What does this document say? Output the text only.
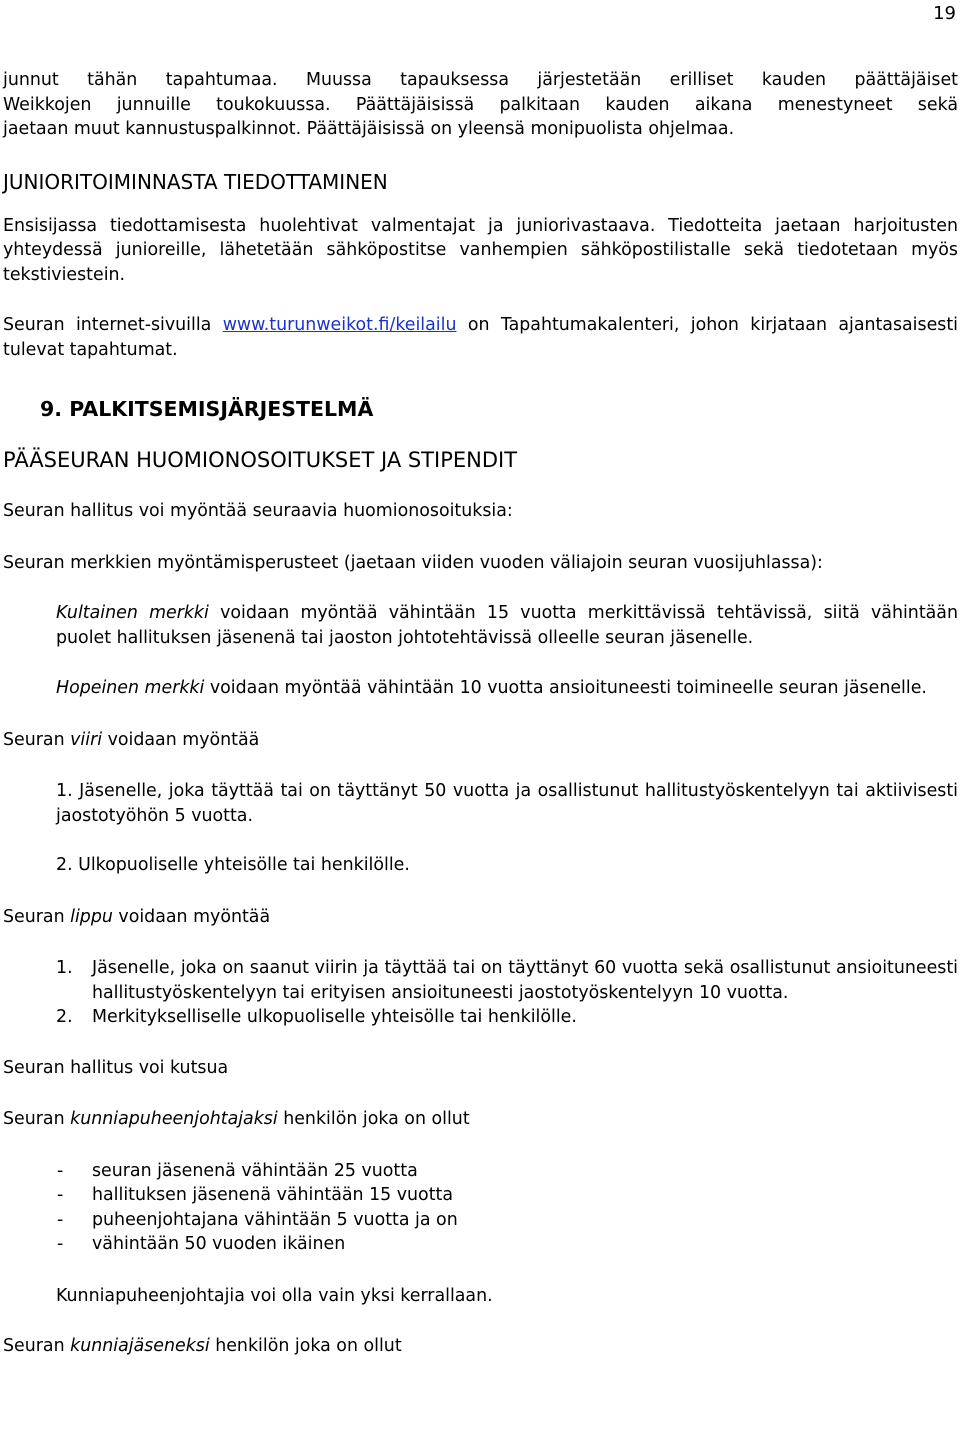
19

junnut tähän tapahtumaa. Muussa tapauksessa järjestetään erilliset kauden päättäjäiset

Weikkojen junnuille toukokuussa. Päättäjäisissä palkitaan kauden aikana menestyneet sekä

jaetaan muut kannustuspalkinnot. Päättäjäisissä on yleensä monipuolista ohjelmaa.

JUNIORITOIMINNASTA TIEDOTTAMINEN

Ensisijassa tiedottamisesta huolehtivat valmentajat ja juniorivastaava. Tiedotteita jaetaan harjoitusten yhteydessä junioreille, lähetetään sähköpostitse vanhempien sähköpostilistalle sekä tiedotetaan myös tekstiviestein.

Seuran internet-sivuilla www.turunweikot.fi/keilailu on Tapahtumakalenteri, johon kirjataan ajantasaisesti tulevat tapahtumat.

9. PALKITSEMISJÄRJESTELMÄ

PÄÄSEURAN HUOMIONOSOITUKSET JA STIPENDIT

Seuran hallitus voi myöntää seuraavia huomionosoituksia:

Seuran merkkien myöntämisperusteet (jaetaan viiden vuoden väliajoin seuran vuosijuhlassa):

Kultainen merkki voidaan myöntää vähintään 15 vuotta merkittävissä tehtävissä, siitä vähintään puolet hallituksen jäsenenä tai jaoston johtotehtävissä olleelle seuran jäsenelle.

Hopeinen merkki voidaan myöntää vähintään 10 vuotta ansioituneesti toimineelle seuran jäsenelle.

Seuran viiri voidaan myöntää

1. Jäsenelle, joka täyttää tai on täyttänyt 50 vuotta ja osallistunut hallitustyöskentelyyn tai aktiivisesti jaostotyöhön 5 vuotta.

2. Ulkopuoliselle yhteisölle tai henkilölle.

Seuran lippu voidaan myöntää

1. Jäsenelle, joka on saanut viirin ja täyttää tai on täyttänyt 60 vuotta sekä osallistunut ansioituneesti hallitustyöskentelyyn tai erityisen ansioituneesti jaostotyöskentelyyn 10 vuotta.

2. Merkitykselliselle ulkopuoliselle yhteisölle tai henkilölle.

Seuran hallitus voi kutsua

Seuran kunniapuheenjohtajaksi henkilön joka on ollut

- seuran jäsenenä vähintään 25 vuotta

- hallituksen jäsenenä vähintään 15 vuotta

- puheenjohtajana vähintään 5 vuotta ja on

- vähintään 50 vuoden ikäinen

Kunniapuheenjohtajia voi olla vain yksi kerrallaan.

Seuran kunniajäseneksi henkilön joka on ollut
